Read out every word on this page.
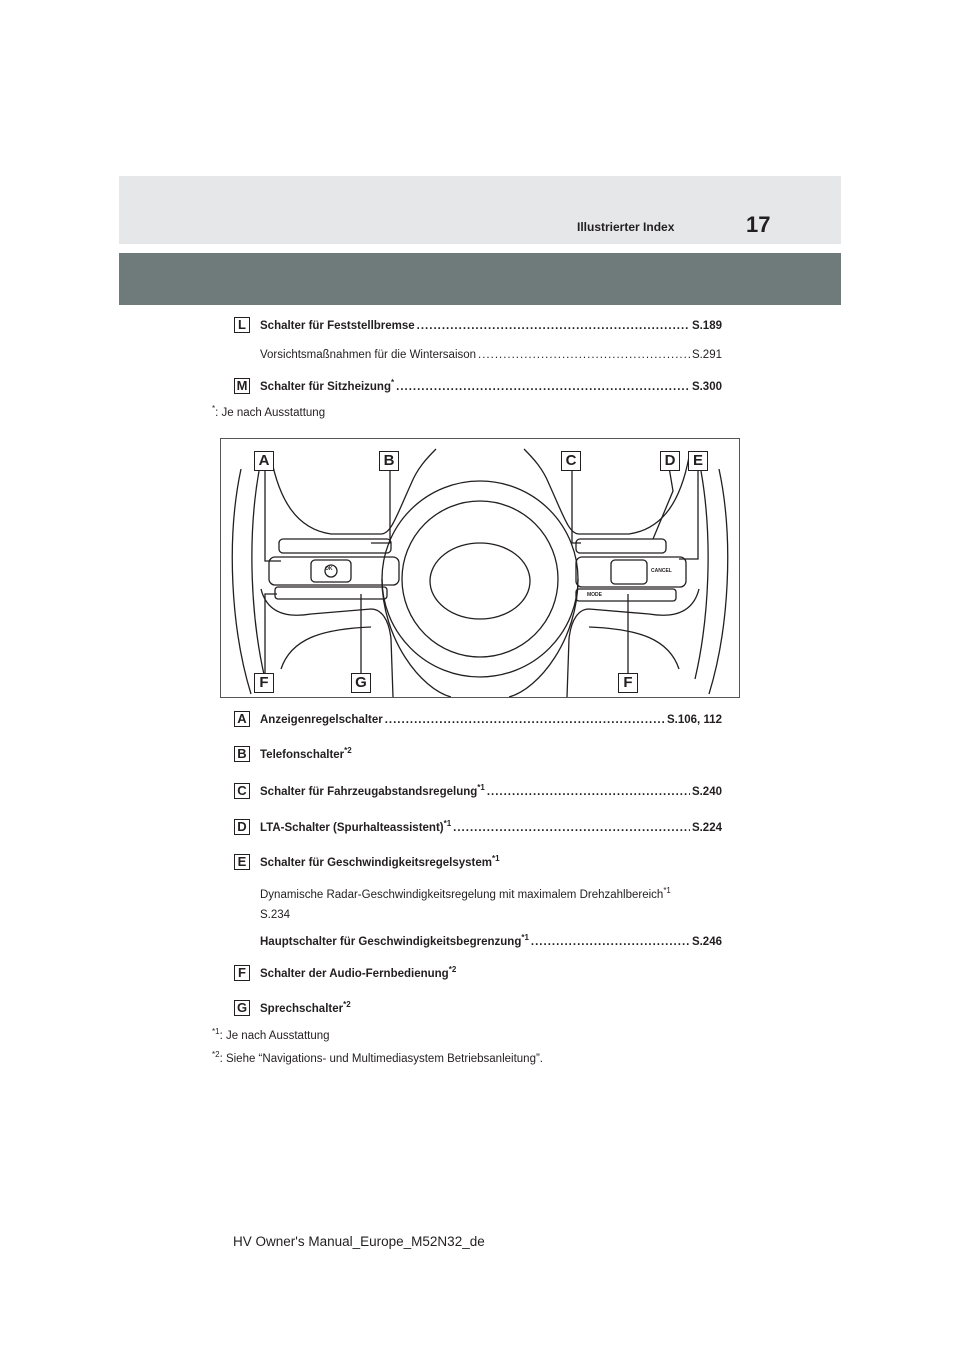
Illustrierter Index	17
L	Schalter für Feststellbremse .....	S.189
Vorsichtsmaßnahmen für die Wintersaison .....	S.291
M Schalter für Sitzheizung* .....	S.300
*: Je nach Ausstattung
A	B	C	D	E
F	G	F
OK	CANCEL
MODE
A Anzeigenregelschalter .....	S.106, 112
B Telefonschalter$^{*2}$
C Schalter für Fahrzeugabstandsregelung$^{*1}$ .....	S.240
D LTA-Schalter (Spurhalteassistent)$^{*1}$ .....	S.224
E	Schalter für Geschwindigkeitsregelsystem$^{*1}$
Dynamische Radar-Geschwindigkeitsregelung mit maximalem Drehzahlbereich$^{*1}$
S.234
Hauptschalter für Geschwindigkeitsbegrenzung$^{*1}$ .....	S.246
F	Schalter der Audio-Fernbedienung$^{*2}$
G Sprechschalter$^{*2}$
$^{*1}$: Je nach Ausstattung
$^{*2}$: Siehe “Navigations- und Multimediasystem Betriebsanleitung”.
HV Owner's Manual_Europe_M52N32_de
